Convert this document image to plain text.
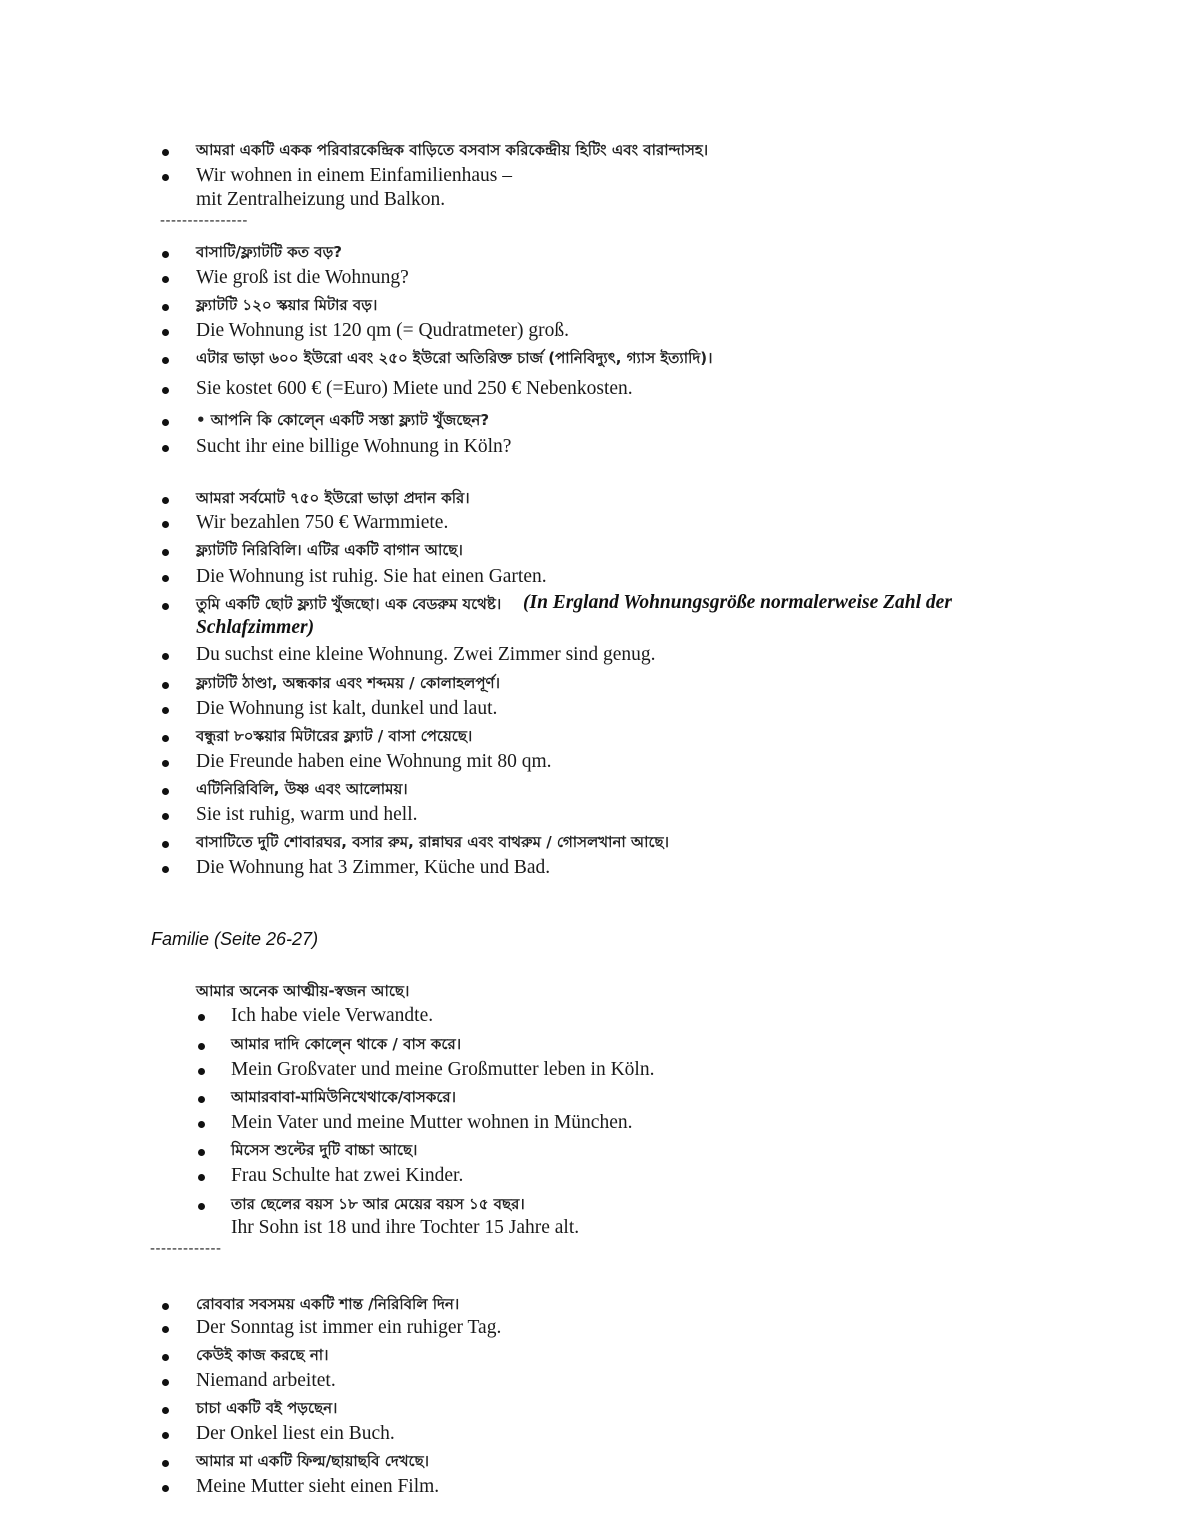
আমরা একটি একক পরিবারকেন্দ্রিক বাড়িতে বসবাস করিকেন্দ্রীয় হিটিং এবং বারান্দাসহ।
Wir wohnen in einem Einfamilienhaus –
mit Zentralheizung und Balkon.
----------------
বাসাটি/ফ্ল্যাটটি কত বড়?
Wie groß ist die Wohnung?
ফ্ল্যাটটি ১২০ স্কয়ার মিটার বড়।
Die Wohnung ist 120 qm (= Qudratmeter) groß.
এটার ভাড়া ৬০০ ইউরো এবং ২৫০ ইউরো অতিরিক্ত চার্জ (পানিবিদ্যুৎ, গ্যাস ইত্যাদি)।
Sie kostet 600 € (=Euro) Miete und 250 € Nebenkosten.
• আপনি কি কোল্নে একটি সস্তা ফ্ল্যাট খুঁজছেন?
Sucht ihr eine billige Wohnung in Köln?
আমরা সর্বমোট ৭৫০ ইউরো ভাড়া প্রদান করি।
Wir bezahlen 750 € Warmmiete.
ফ্ল্যাটটি নিরিবিলি। এটির একটি বাগান আছে।
Die Wohnung ist ruhig. Sie hat einen Garten.
তুমি একটি ছোট ফ্ল্যাট খুঁজছো। এক বেডরুম যথেষ্ট। (In Ergland Wohnungsgröße normalerweise Zahl der
Schlafzimmer)
Du suchst eine kleine Wohnung. Zwei Zimmer sind genug.
ফ্ল্যাটটি ঠাণ্ডা, অন্ধকার এবং শব্দময় / কোলাহলপূর্ণ।
Die Wohnung ist kalt, dunkel und laut.
বন্ধুরা ৮০স্কয়ার মিটারের ফ্ল্যাট / বাসা পেয়েছে।
Die Freunde haben eine Wohnung mit 80 qm.
এটিনিরিবিলি, উষ্ণ এবং আলোময়।
Sie ist ruhig, warm und hell.
বাসাটিতে দুটি শোবারঘর, বসার রুম, রান্নাঘর এবং বাথরুম / গোসলখানা আছে।
Die Wohnung hat 3 Zimmer, Küche und Bad.
Familie (Seite 26-27)
আমার অনেক আত্মীয়-স্বজন আছে।
Ich habe viele Verwandte.
আমার দাদি কোল্নে থাকে / বাস করে।
Mein Großvater und meine Großmutter leben in Köln.
আমারবাবা-মামিউনিখেথাকে/বাসকরে।
Mein Vater und meine Mutter wohnen in München.
মিসেস শুল্টের দুটি বাচ্চা আছে।
Frau Schulte hat zwei Kinder.
তার ছেলের বয়স ১৮ আর মেয়ের বয়স ১৫ বছর।
Ihr Sohn ist 18 und ihre Tochter 15 Jahre alt.
-------------
রোববার সবসময় একটি শান্ত /নিরিবিলি দিন।
Der Sonntag ist immer ein ruhiger Tag.
কেউই কাজ করছে না।
Niemand arbeitet.
চাচা একটি বই পড়ছেন।
Der Onkel liest ein Buch.
আমার মা একটি ফিল্ম/ছায়াছবি দেখছে।
Meine Mutter sieht einen Film.
